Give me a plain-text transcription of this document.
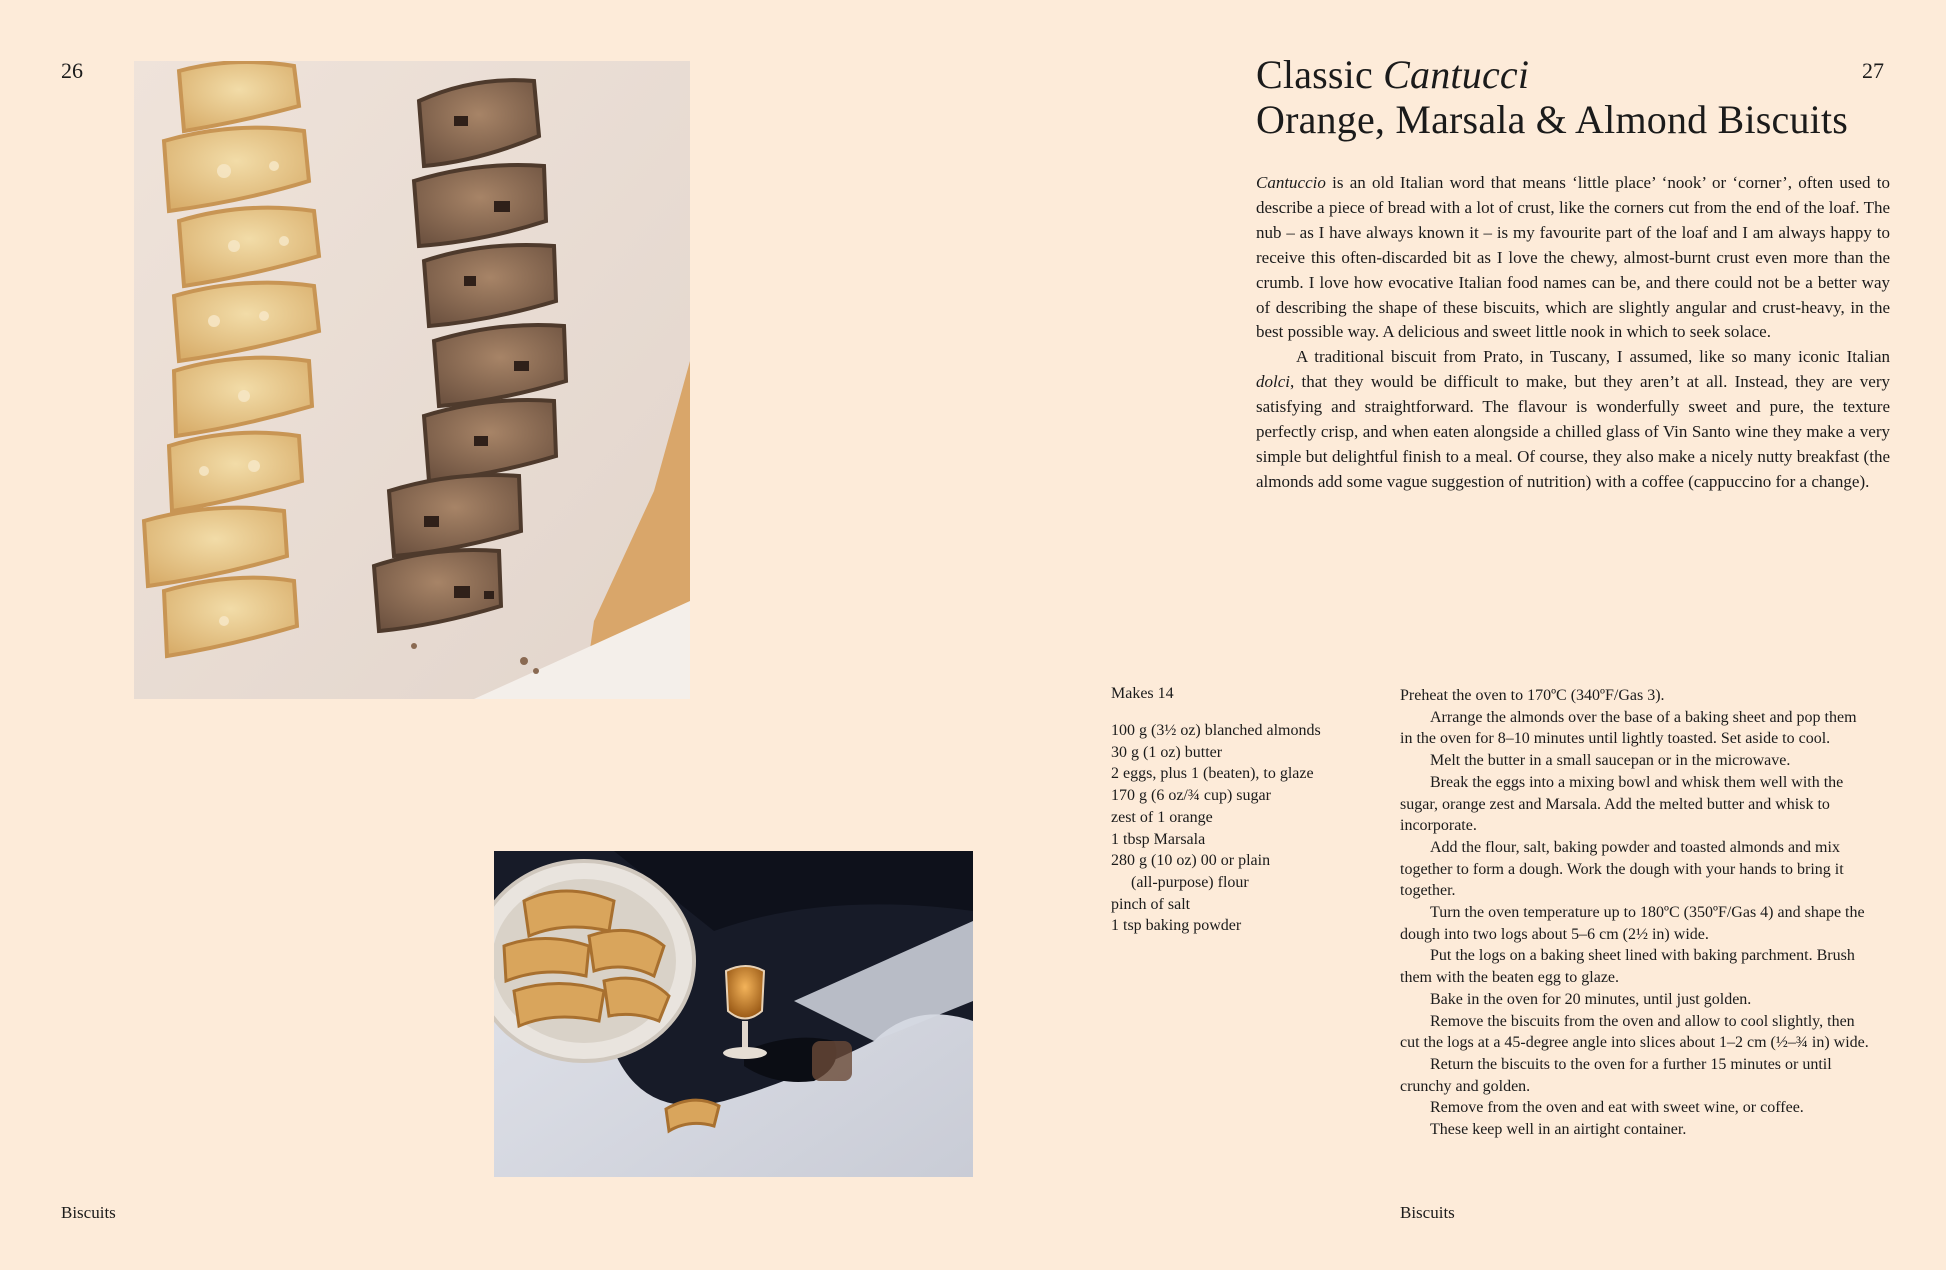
26	27
Classic Cantucci
Orange, Marsala & Almond Biscuits

Cantuccio is an old Italian word that means ‘little place’ ‘nook’ or ‘corner’, often used to describe a piece of bread with a lot of crust, like the corners cut from the end of the loaf. The nub – as I have always known it – is my favourite part of the loaf and I am always happy to receive this often-discarded bit as I love the chewy, almost-burnt crust even more than the crumb. I love how evocative Italian food names can be, and there could not be a better way of describing the shape of these biscuits, which are slightly angular and crust-heavy, in the best possible way. A delicious and sweet little nook in which to seek solace.

A traditional biscuit from Prato, in Tuscany, I assumed, like so many iconic Italian dolci, that they would be difficult to make, but they aren’t at all. Instead, they are very satisfying and straightforward. The flavour is wonderfully sweet and pure, the texture perfectly crisp, and when eaten alongside a chilled glass of Vin Santo wine they make a very simple but delightful finish to a meal. Of course, they also make a nicely nutty breakfast (the almonds add some vague suggestion of nutrition) with a coffee (cappuccino for a change).

Makes 14
100 g (3½ oz) blanched almonds
30 g (1 oz) butter
2 eggs, plus 1 (beaten), to glaze
170 g (6 oz/¾ cup) sugar
zest of 1 orange
1 tbsp Marsala
280 g (10 oz) 00 or plain
(all-purpose) flour
pinch of salt
1 tsp baking powder

Preheat the oven to 170ºC (340ºF/Gas 3).

Arrange the almonds over the base of a baking sheet and pop them in the oven for 8–10 minutes until lightly toasted. Set aside to cool.

Melt the butter in a small saucepan or in the microwave.

Break the eggs into a mixing bowl and whisk them well with the sugar, orange zest and Marsala. Add the melted butter and whisk to incorporate.

Add the flour, salt, baking powder and toasted almonds and mix together to form a dough. Work the dough with your hands to bring it together.

Turn the oven temperature up to 180ºC (350ºF/Gas 4) and shape the dough into two logs about 5–6 cm (2½ in) wide.

Put the logs on a baking sheet lined with baking parchment. Brush them with the beaten egg to glaze.

Bake in the oven for 20 minutes, until just golden.

Remove the biscuits from the oven and allow to cool slightly, then cut the logs at a 45-degree angle into slices about 1–2 cm (½–¾ in) wide.

Return the biscuits to the oven for a further 15 minutes or until crunchy and golden.

Remove from the oven and eat with sweet wine, or coffee.

These keep well in an airtight container.

Biscuits	Biscuits
